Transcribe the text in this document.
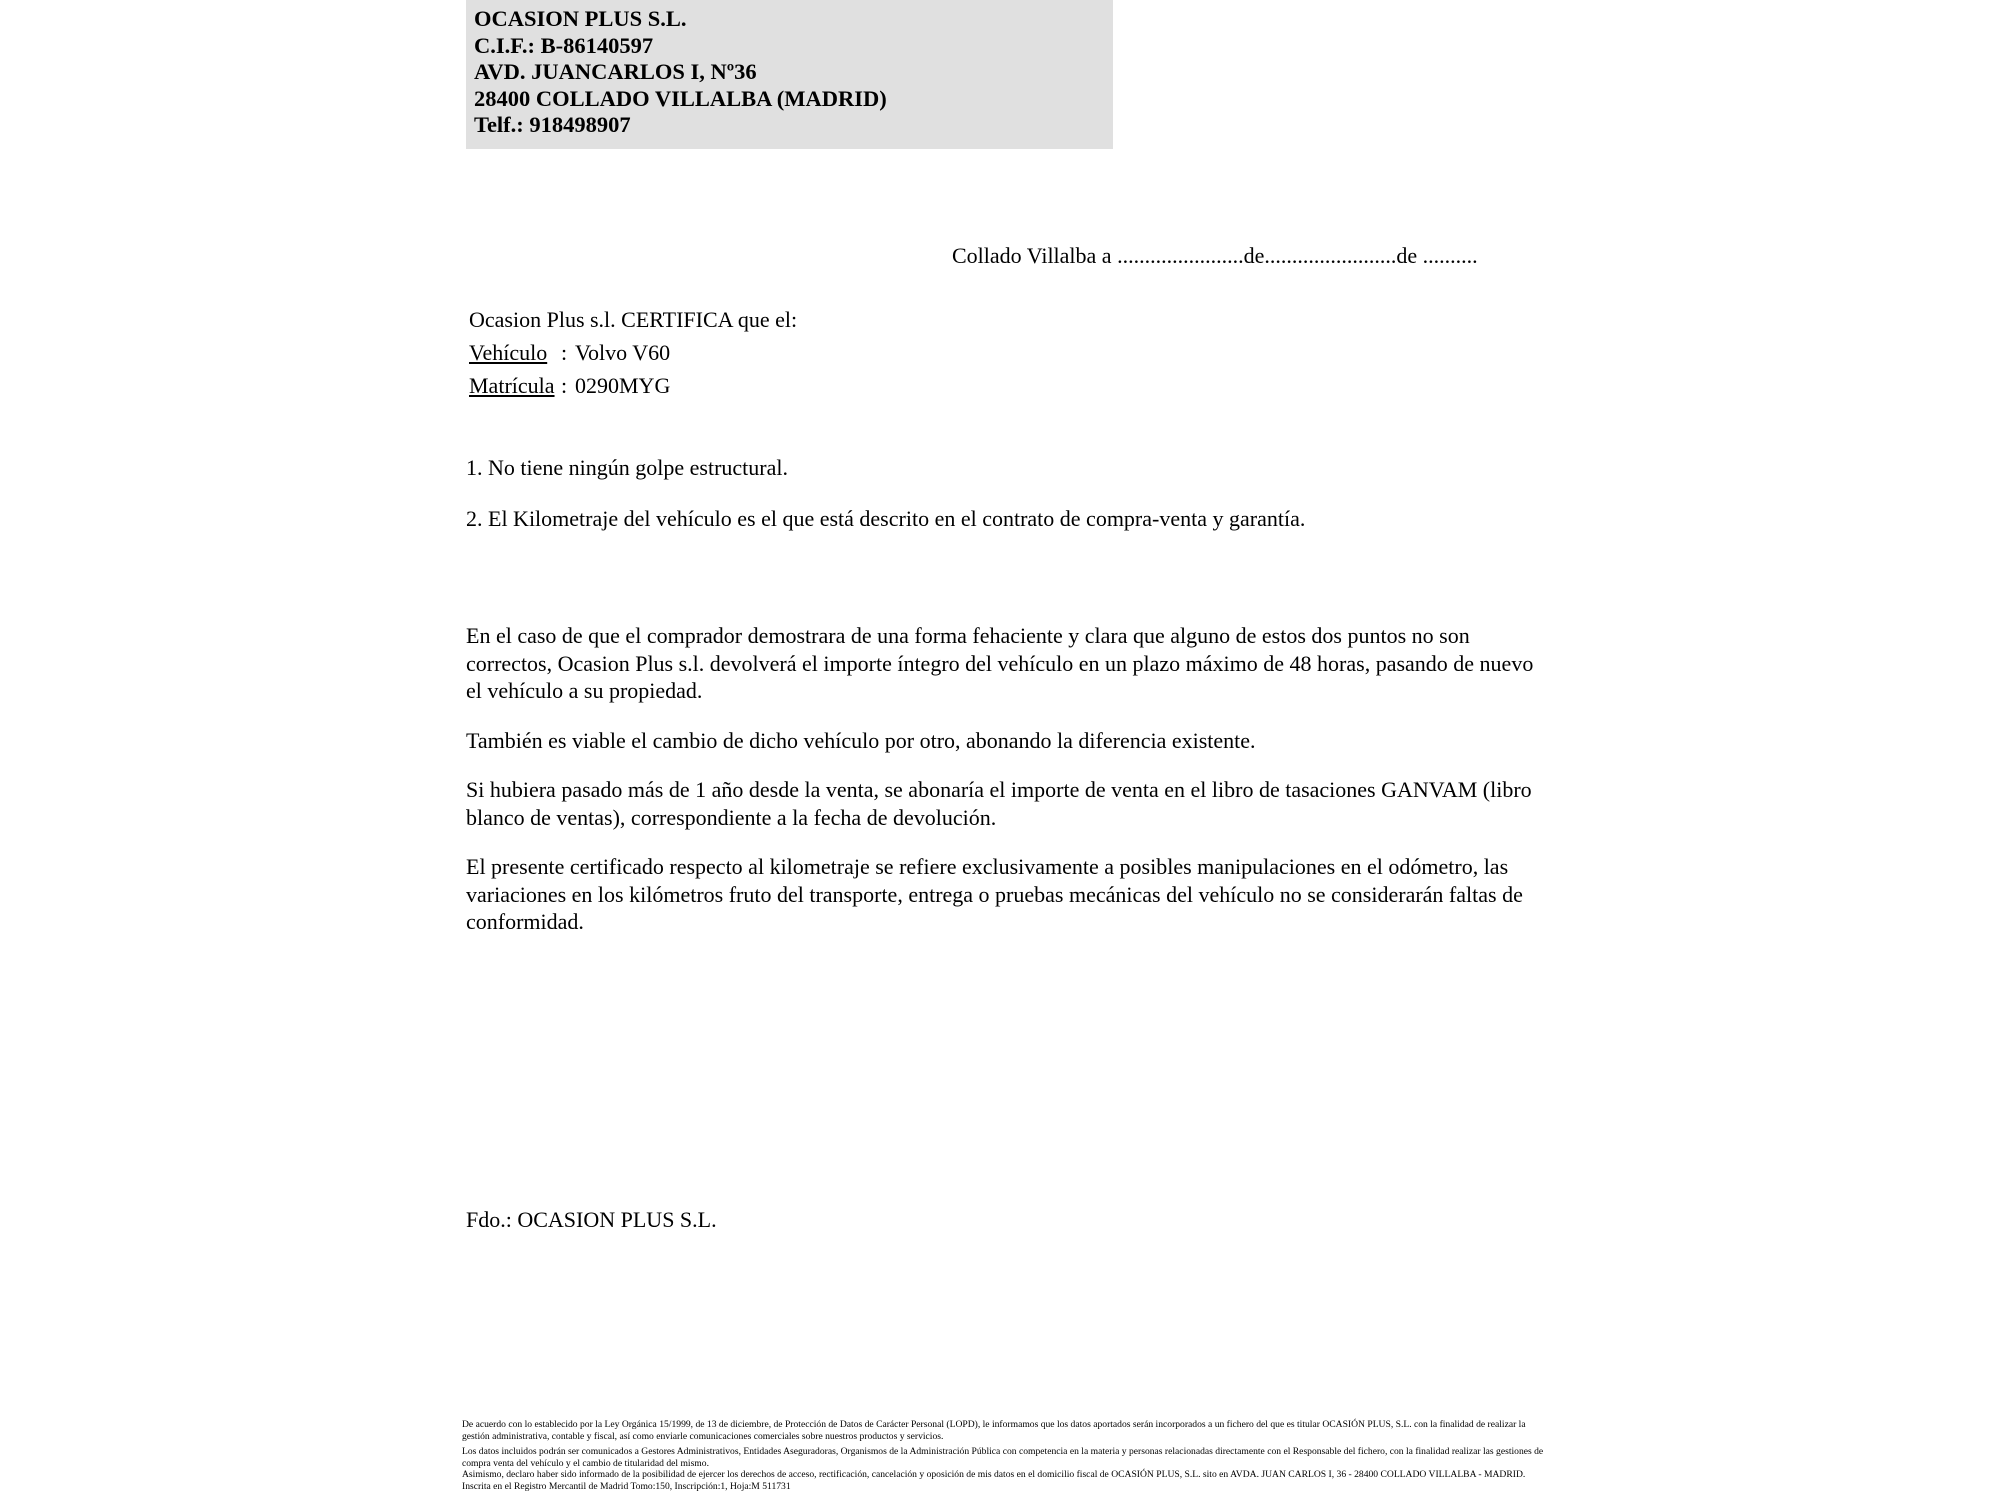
OCASION PLUS S.L.
C.I.F.: B-86140597
AVD. JUANCARLOS I, Nº36
28400 COLLADO VILLALBA (MADRID)
Telf.: 918498907
Collado Villalba a .......................de........................de ..........
Ocasion Plus s.l. CERTIFICA que el:
Vehículo : Volvo V60
Matrícula : 0290MYG
1. No tiene ningún golpe estructural.
2. El Kilometraje del vehículo es el que está descrito en el contrato de compra-venta y garantía.

En el caso de que el comprador demostrara de una forma fehaciente y clara que alguno de estos dos puntos no son correctos, Ocasion Plus s.l. devolverá el importe íntegro del vehículo en un plazo máximo de 48 horas, pasando de nuevo el vehículo a su propiedad.

También es viable el cambio de dicho vehículo por otro, abonando la diferencia existente.

Si hubiera pasado más de 1 año desde la venta, se abonaría el importe de venta en el libro de tasaciones GANVAM (libro blanco de ventas), correspondiente a la fecha de devolución.

El presente certificado respecto al kilometraje se refiere exclusivamente a posibles manipulaciones en el odómetro, las variaciones en los kilómetros fruto del transporte, entrega o pruebas mecánicas del vehículo no se considerarán faltas de conformidad.

Fdo.: OCASION PLUS S.L.

De acuerdo con lo establecido por la Ley Orgánica 15/1999, de 13 de diciembre, de Protección de Datos de Carácter Personal (LOPD), le informamos que los datos aportados serán incorporados a un fichero del que es titular OCASIÓN PLUS, S.L. con la finalidad de realizar la gestión administrativa, contable y fiscal, así como enviarle comunicaciones comerciales sobre nuestros productos y servicios.

Los datos incluidos podrán ser comunicados a Gestores Administrativos, Entidades Aseguradoras, Organismos de la Administración Pública con competencia en la materia y personas relacionadas directamente con el Responsable del fichero, con la finalidad realizar las gestiones de compra venta del vehículo y el cambio de titularidad del mismo.

Asimismo, declaro haber sido informado de la posibilidad de ejercer los derechos de acceso, rectificación, cancelación y oposición de mis datos en el domicilio fiscal de OCASIÓN PLUS, S.L. sito en AVDA. JUAN CARLOS I, 36 - 28400 COLLADO VILLALBA - MADRID. Inscrita en el Registro Mercantil de Madrid Tomo:150, Inscripción:1, Hoja:M 511731
